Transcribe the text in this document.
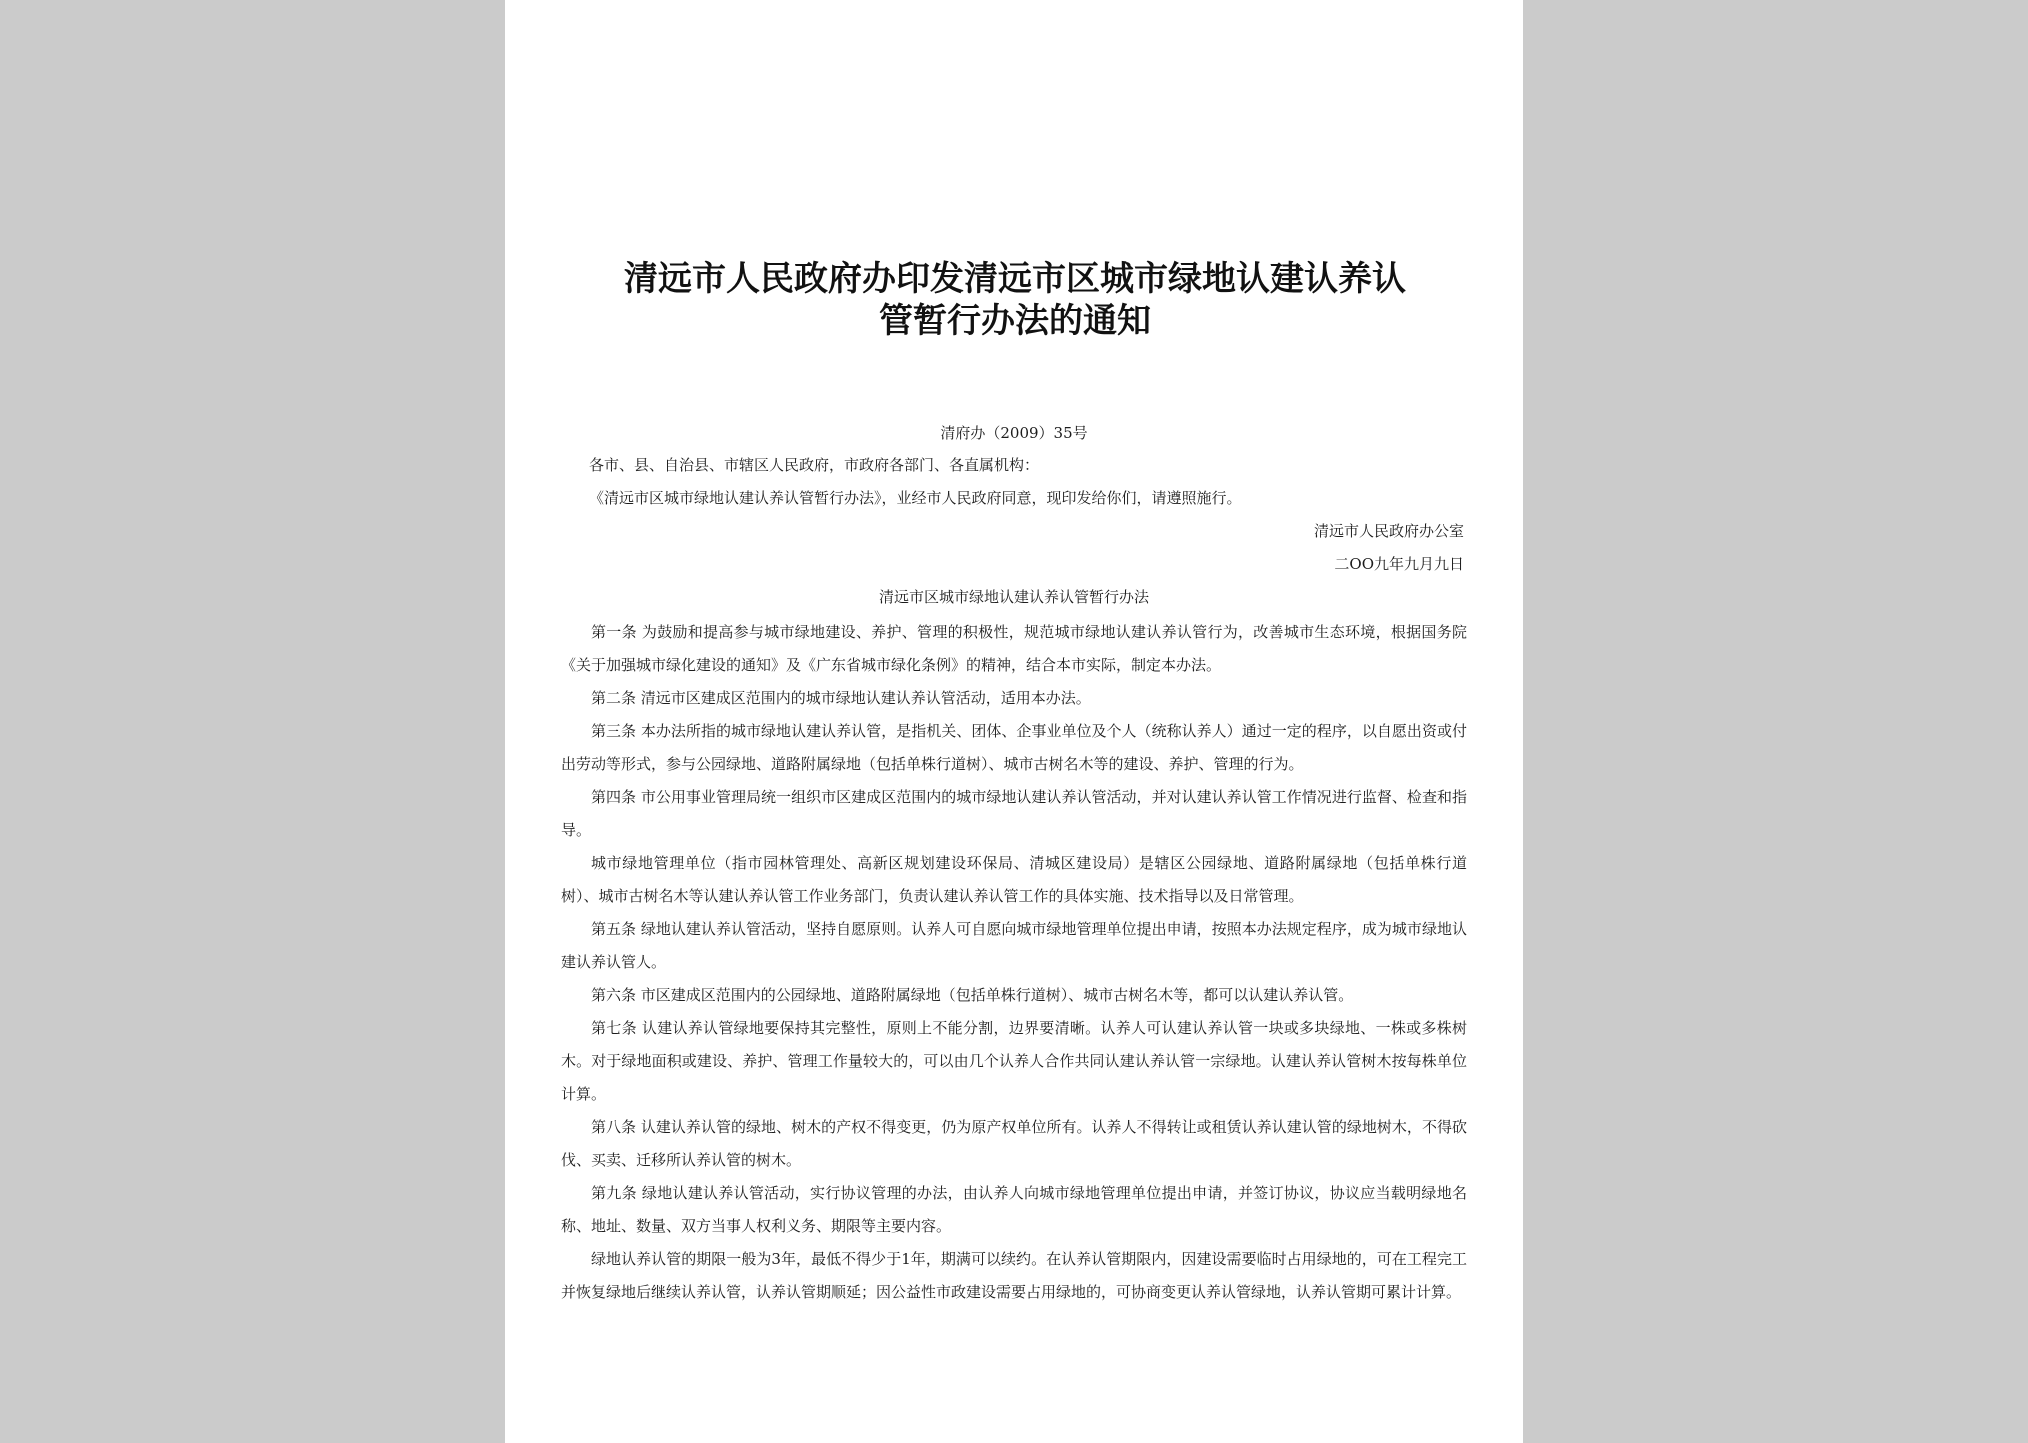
清远市人民政府办印发清远市区城市绿地认建认养认
管暂行办法的通知
清府办（2009）35号
各市、县、自治县、市辖区人民政府，市政府各部门、各直属机构：
《清远市区城市绿地认建认养认管暂行办法》，业经市人民政府同意，现印发给你们，请遵照施行。
清远市人民政府办公室
二OO九年九月九日
清远市区城市绿地认建认养认管暂行办法

第一条 为鼓励和提高参与城市绿地建设、养护、管理的积极性，规范城市绿地认建认养认管行为，改善城市生态环境，根据国务院《关于加强城市绿化建设的通知》及《广东省城市绿化条例》的精神，结合本市实际，制定本办法。

第二条 清远市区建成区范围内的城市绿地认建认养认管活动，适用本办法。

第三条 本办法所指的城市绿地认建认养认管，是指机关、团体、企事业单位及个人（统称认养人）通过一定的程序，以自愿出资或付出劳动等形式，参与公园绿地、道路附属绿地（包括单株行道树）、城市古树名木等的建设、养护、管理的行为。

第四条 市公用事业管理局统一组织市区建成区范围内的城市绿地认建认养认管活动，并对认建认养认管工作情况进行监督、检查和指导。

城市绿地管理单位（指市园林管理处、高新区规划建设环保局、清城区建设局）是辖区公园绿地、道路附属绿地（包括单株行道树）、城市古树名木等认建认养认管工作业务部门，负责认建认养认管工作的具体实施、技术指导以及日常管理。

第五条 绿地认建认养认管活动，坚持自愿原则。认养人可自愿向城市绿地管理单位提出申请，按照本办法规定程序，成为城市绿地认建认养认管人。

第六条 市区建成区范围内的公园绿地、道路附属绿地（包括单株行道树）、城市古树名木等，都可以认建认养认管。

第七条 认建认养认管绿地要保持其完整性，原则上不能分割，边界要清晰。认养人可认建认养认管一块或多块绿地、一株或多株树木。对于绿地面积或建设、养护、管理工作量较大的，可以由几个认养人合作共同认建认养认管一宗绿地。认建认养认管树木按每株单位计算。

第八条 认建认养认管的绿地、树木的产权不得变更，仍为原产权单位所有。认养人不得转让或租赁认养认建认管的绿地树木，不得砍伐、买卖、迁移所认养认管的树木。

第九条 绿地认建认养认管活动，实行协议管理的办法，由认养人向城市绿地管理单位提出申请，并签订协议，协议应当载明绿地名称、地址、数量、双方当事人权利义务、期限等主要内容。

绿地认养认管的期限一般为3年，最低不得少于1年，期满可以续约。在认养认管期限内，因建设需要临时占用绿地的，可在工程完工并恢复绿地后继续认养认管，认养认管期顺延；因公益性市政建设需要占用绿地的，可协商变更认养认管绿地，认养认管期可累计计算。
